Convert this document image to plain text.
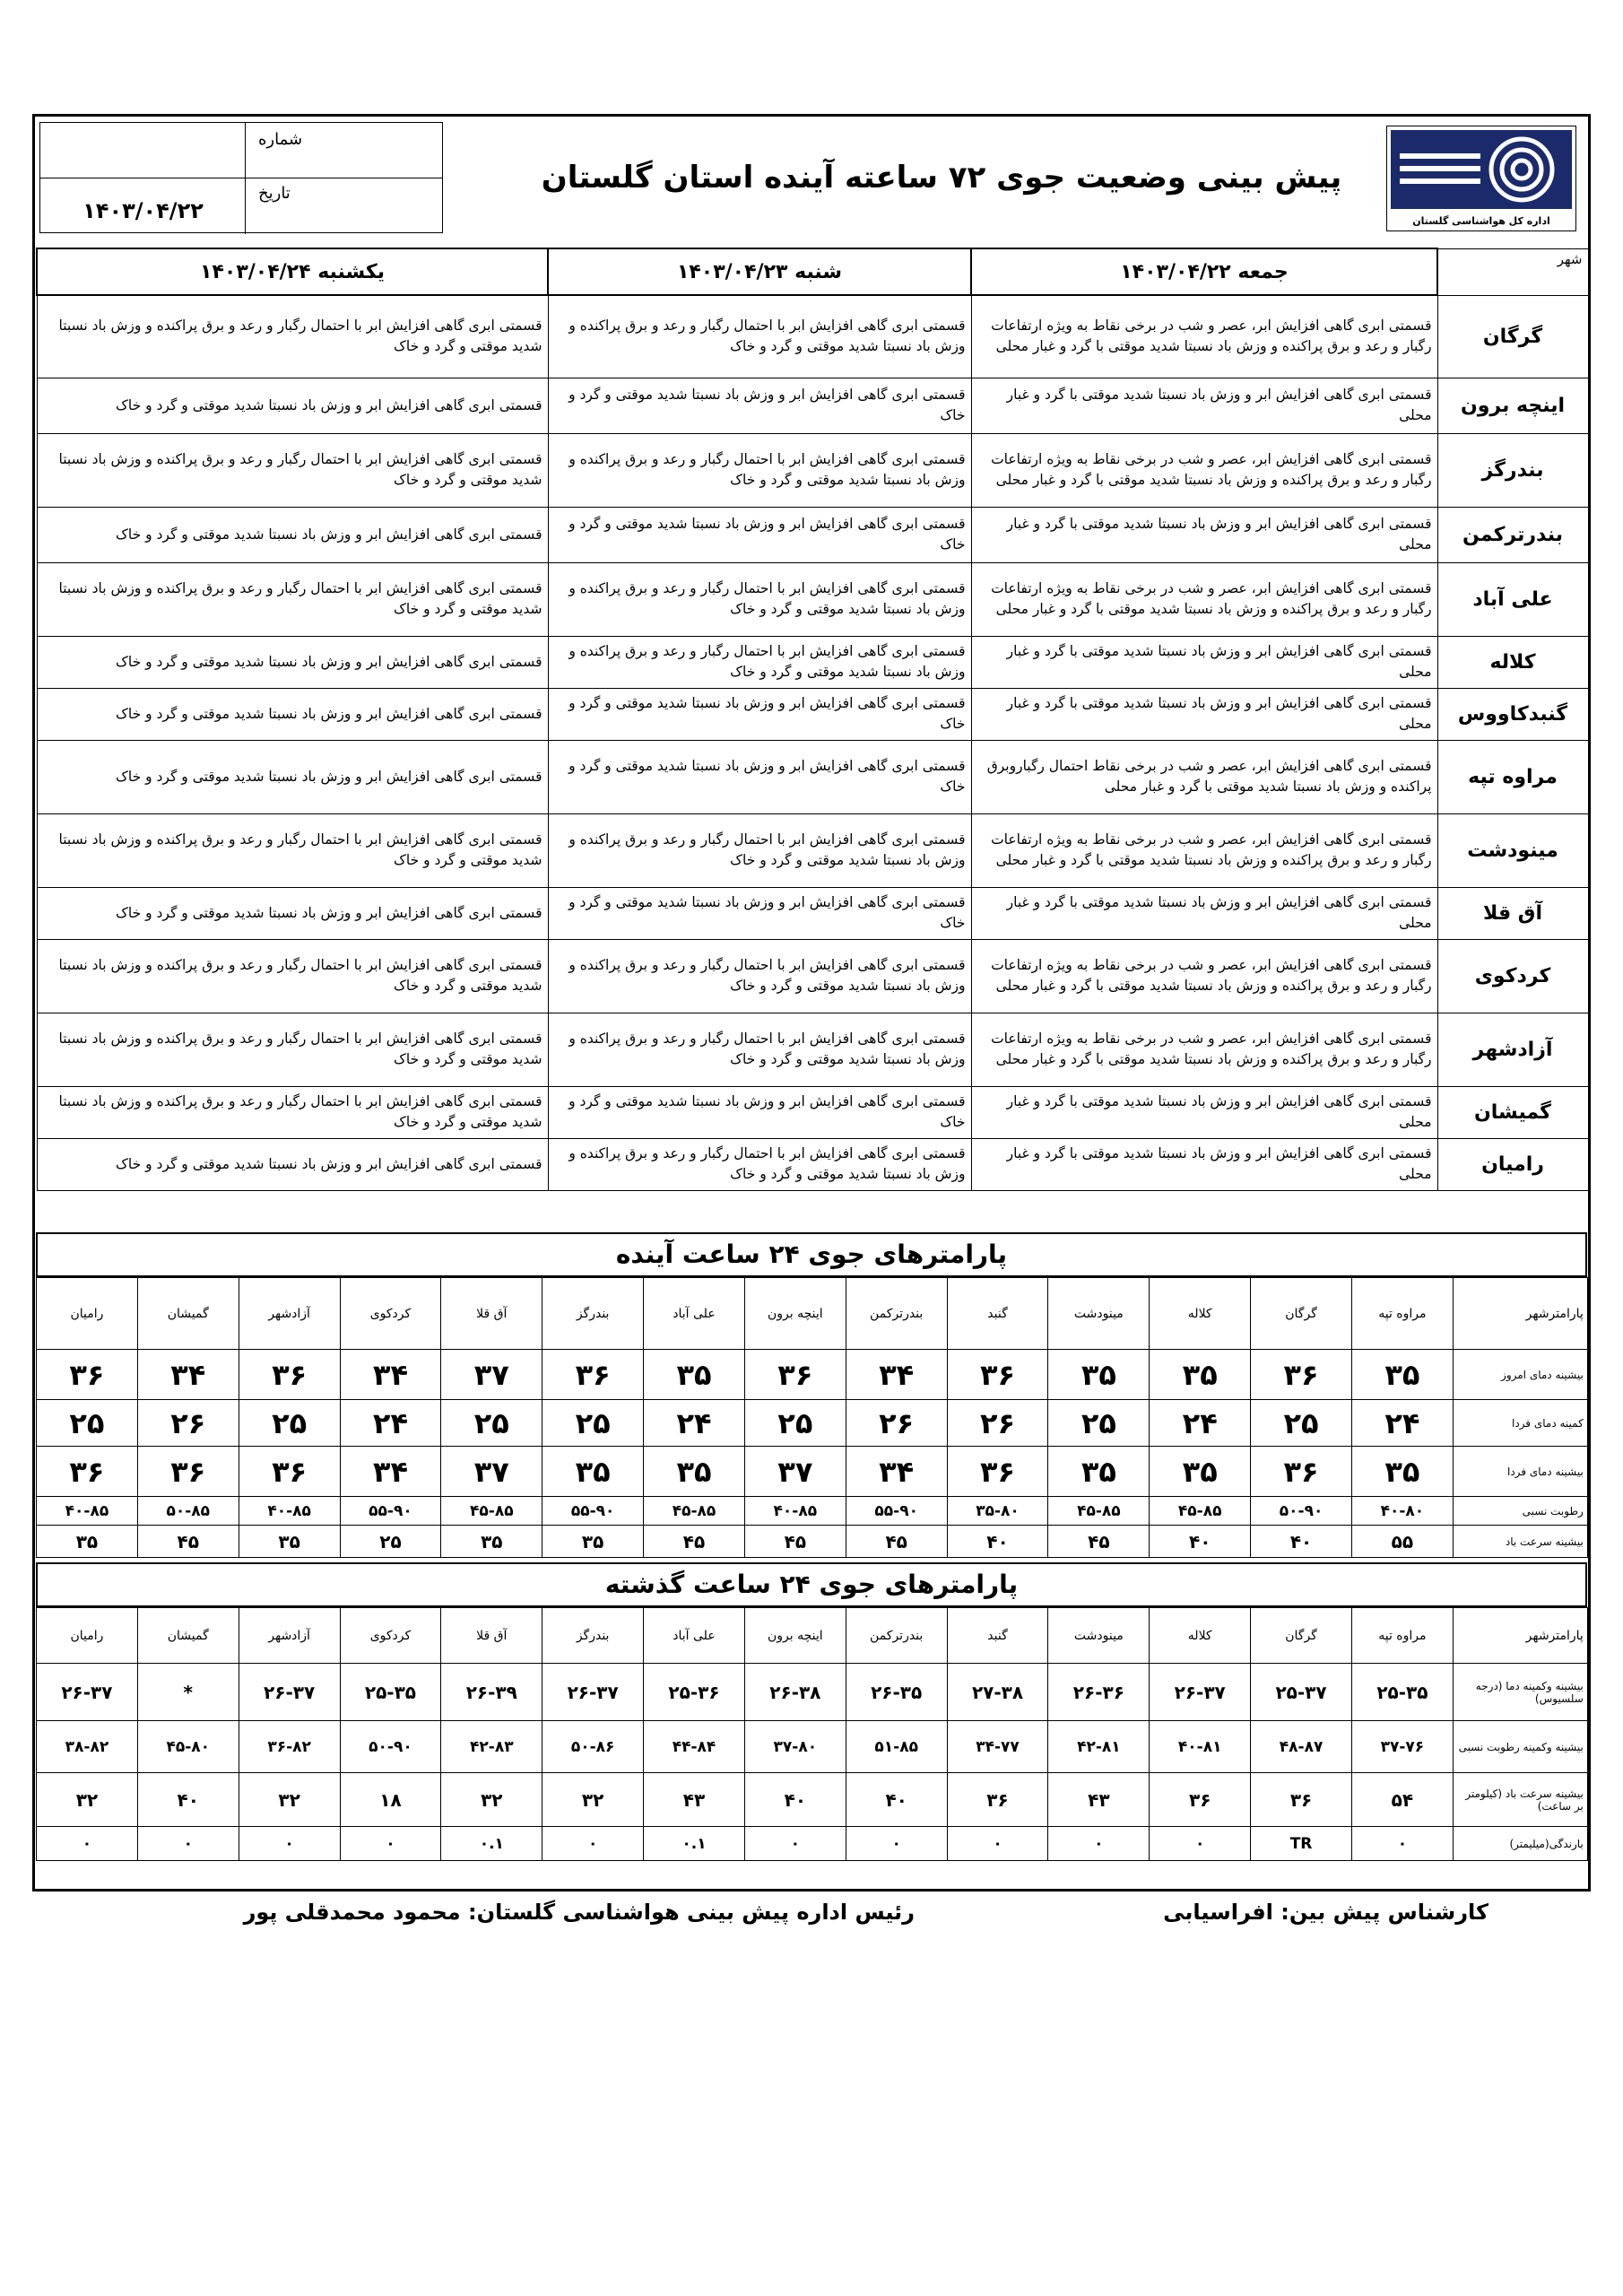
اداره کل هواشناسی گلستان
پیش بینی وضعیت جوی ۷۲ ساعته آینده استان گلستان
شماره
تاریخ
۱۴۰۳/۰۴/۲۲
شهر	جمعه ۱۴۰۳/۰۴/۲۲	شنبه ۱۴۰۳/۰۴/۲۳	یکشنبه ۱۴۰۳/۰۴/۲۴
گرگان	قسمتی ابری گاهی افزایش ابر، عصر و شب در برخی نقاط به ویژه ارتفاعات رگبار و رعد و برق پراکنده و وزش باد نسبتا شدید موقتی با گرد و غبار محلی	قسمتی ابری گاهی افزایش ابر با احتمال رگبار و رعد و برق پراکنده و وزش باد نسبتا شدید موقتی و گرد و خاک	قسمتی ابری گاهی افزایش ابر با احتمال رگبار و رعد و برق پراکنده و وزش باد نسبتا شدید موقتی و گرد و خاک
اینچه برون	قسمتی ابری گاهی افزایش ابر و وزش باد نسبتا شدید موقتی با گرد و غبار محلی	قسمتی ابری گاهی افزایش ابر و وزش باد نسبتا شدید موقتی و گرد و خاک	قسمتی ابری گاهی افزایش ابر و وزش باد نسبتا شدید موقتی و گرد و خاک
بندرگز	قسمتی ابری گاهی افزایش ابر، عصر و شب در برخی نقاط به ویژه ارتفاعات رگبار و رعد و برق پراکنده و وزش باد نسبتا شدید موقتی با گرد و غبار محلی	قسمتی ابری گاهی افزایش ابر با احتمال رگبار و رعد و برق پراکنده و وزش باد نسبتا شدید موقتی و گرد و خاک	قسمتی ابری گاهی افزایش ابر با احتمال رگبار و رعد و برق پراکنده و وزش باد نسبتا شدید موقتی و گرد و خاک
بندرترکمن	قسمتی ابری گاهی افزایش ابر و وزش باد نسبتا شدید موقتی با گرد و غبار محلی	قسمتی ابری گاهی افزایش ابر و وزش باد نسبتا شدید موقتی و گرد و خاک	قسمتی ابری گاهی افزایش ابر و وزش باد نسبتا شدید موقتی و گرد و خاک
علی آباد	قسمتی ابری گاهی افزایش ابر، عصر و شب در برخی نقاط به ویژه ارتفاعات رگبار و رعد و برق پراکنده و وزش باد نسبتا شدید موقتی با گرد و غبار محلی	قسمتی ابری گاهی افزایش ابر با احتمال رگبار و رعد و برق پراکنده و وزش باد نسبتا شدید موقتی و گرد و خاک	قسمتی ابری گاهی افزایش ابر با احتمال رگبار و رعد و برق پراکنده و وزش باد نسبتا شدید موقتی و گرد و خاک
کلاله	قسمتی ابری گاهی افزایش ابر و وزش باد نسبتا شدید موقتی با گرد و غبار محلی	قسمتی ابری گاهی افزایش ابر با احتمال رگبار و رعد و برق پراکنده و وزش باد نسبتا شدید موقتی و گرد و خاک	قسمتی ابری گاهی افزایش ابر و وزش باد نسبتا شدید موقتی و گرد و خاک
گنبدکاووس	قسمتی ابری گاهی افزایش ابر و وزش باد نسبتا شدید موقتی با گرد و غبار محلی	قسمتی ابری گاهی افزایش ابر و وزش باد نسبتا شدید موقتی و گرد و خاک	قسمتی ابری گاهی افزایش ابر و وزش باد نسبتا شدید موقتی و گرد و خاک
مراوه تپه	قسمتی ابری گاهی افزایش ابر، عصر و شب در برخی نقاط احتمال رگباروبرق پراکنده و وزش باد نسبتا شدید موقتی با گرد و غبار محلی	قسمتی ابری گاهی افزایش ابر و وزش باد نسبتا شدید موقتی و گرد و خاک	قسمتی ابری گاهی افزایش ابر و وزش باد نسبتا شدید موقتی و گرد و خاک
مینودشت	قسمتی ابری گاهی افزایش ابر، عصر و شب در برخی نقاط به ویژه ارتفاعات رگبار و رعد و برق پراکنده و وزش باد نسبتا شدید موقتی با گرد و غبار محلی	قسمتی ابری گاهی افزایش ابر با احتمال رگبار و رعد و برق پراکنده و وزش باد نسبتا شدید موقتی و گرد و خاک	قسمتی ابری گاهی افزایش ابر با احتمال رگبار و رعد و برق پراکنده و وزش باد نسبتا شدید موقتی و گرد و خاک
آق قلا	قسمتی ابری گاهی افزایش ابر و وزش باد نسبتا شدید موقتی با گرد و غبار محلی	قسمتی ابری گاهی افزایش ابر و وزش باد نسبتا شدید موقتی و گرد و خاک	قسمتی ابری گاهی افزایش ابر و وزش باد نسبتا شدید موقتی و گرد و خاک
کردکوی	قسمتی ابری گاهی افزایش ابر، عصر و شب در برخی نقاط به ویژه ارتفاعات رگبار و رعد و برق پراکنده و وزش باد نسبتا شدید موقتی با گرد و غبار محلی	قسمتی ابری گاهی افزایش ابر با احتمال رگبار و رعد و برق پراکنده و وزش باد نسبتا شدید موقتی و گرد و خاک	قسمتی ابری گاهی افزایش ابر با احتمال رگبار و رعد و برق پراکنده و وزش باد نسبتا شدید موقتی و گرد و خاک
آزادشهر	قسمتی ابری گاهی افزایش ابر، عصر و شب در برخی نقاط به ویژه ارتفاعات رگبار و رعد و برق پراکنده و وزش باد نسبتا شدید موقتی با گرد و غبار محلی	قسمتی ابری گاهی افزایش ابر با احتمال رگبار و رعد و برق پراکنده و وزش باد نسبتا شدید موقتی و گرد و خاک	قسمتی ابری گاهی افزایش ابر با احتمال رگبار و رعد و برق پراکنده و وزش باد نسبتا شدید موقتی و گرد و خاک
گمیشان	قسمتی ابری گاهی افزایش ابر و وزش باد نسبتا شدید موقتی با گرد و غبار محلی	قسمتی ابری گاهی افزایش ابر و وزش باد نسبتا شدید موقتی و گرد و خاک	قسمتی ابری گاهی افزایش ابر با احتمال رگبار و رعد و برق پراکنده و وزش باد نسبتا شدید موقتی و گرد و خاک
رامیان	قسمتی ابری گاهی افزایش ابر و وزش باد نسبتا شدید موقتی با گرد و غبار محلی	قسمتی ابری گاهی افزایش ابر با احتمال رگبار و رعد و برق پراکنده و وزش باد نسبتا شدید موقتی و گرد و خاک	قسمتی ابری گاهی افزایش ابر و وزش باد نسبتا شدید موقتی و گرد و خاک
پارامترهای جوی ۲۴ ساعت آینده
پارامترشهر	مراوه تپه	گرگان	کلاله	مینودشت	گنبد	بندرترکمن	اینچه برون	علی آباد	بندرگز	آق قلا	کردکوی	آزادشهر	گمیشان	رامیان
بیشینه دمای امروز	۳۵	۳۶	۳۵	۳۵	۳۶	۳۴	۳۶	۳۵	۳۶	۳۷	۳۴	۳۶	۳۴	۳۶
کمینه دمای فردا	۲۴	۲۵	۲۴	۲۵	۲۶	۲۶	۲۵	۲۴	۲۵	۲۵	۲۴	۲۵	۲۶	۲۵
بیشینه دمای فردا	۳۵	۳۶	۳۵	۳۵	۳۶	۳۴	۳۷	۳۵	۳۵	۳۷	۳۴	۳۶	۳۶	۳۶
رطوبت نسبی	۴۰-۸۰	۵۰-۹۰	۴۵-۸۵	۴۵-۸۵	۳۵-۸۰	۵۵-۹۰	۴۰-۸۵	۴۵-۸۵	۵۵-۹۰	۴۵-۸۵	۵۵-۹۰	۴۰-۸۵	۵۰-۸۵	۴۰-۸۵
بیشینه سرعت باد	۵۵	۴۰	۴۰	۴۵	۴۰	۴۵	۴۵	۴۵	۳۵	۳۵	۲۵	۳۵	۴۵	۳۵
پارامترهای جوی ۲۴ ساعت گذشته
پارامترشهر	مراوه تپه	گرگان	کلاله	مینودشت	گنبد	بندرترکمن	اینچه برون	علی آباد	بندرگز	آق قلا	کردکوی	آزادشهر	گمیشان	رامیان
بیشینه وکمینه دما (درجه سلسیوس)	۲۵-۳۵	۲۵-۳۷	۲۶-۳۷	۲۶-۳۶	۲۷-۳۸	۲۶-۳۵	۲۶-۳۸	۲۵-۳۶	۲۶-۳۷	۲۶-۳۹	۲۵-۳۵	۲۶-۳۷	*	۲۶-۳۷
بیشینه وکمینه رطوبت نسبی	۳۷-۷۶	۴۸-۸۷	۴۰-۸۱	۴۲-۸۱	۳۴-۷۷	۵۱-۸۵	۳۷-۸۰	۴۴-۸۴	۵۰-۸۶	۴۲-۸۳	۵۰-۹۰	۳۶-۸۲	۴۵-۸۰	۳۸-۸۲
بیشینه سرعت باد (کیلومتر بر ساعت)	۵۴	۳۶	۳۶	۴۳	۳۶	۴۰	۴۰	۴۳	۳۲	۳۲	۱۸	۳۲	۴۰	۳۲
بارندگی(میلیمتر)	۰	TR	۰	۰	۰	۰	۰	۰.۱	۰	۰.۱	۰	۰	۰	۰
کارشناس پیش بین: افراسیابی
رئیس اداره پیش بینی هواشناسی گلستان: محمود محمدقلی پور
